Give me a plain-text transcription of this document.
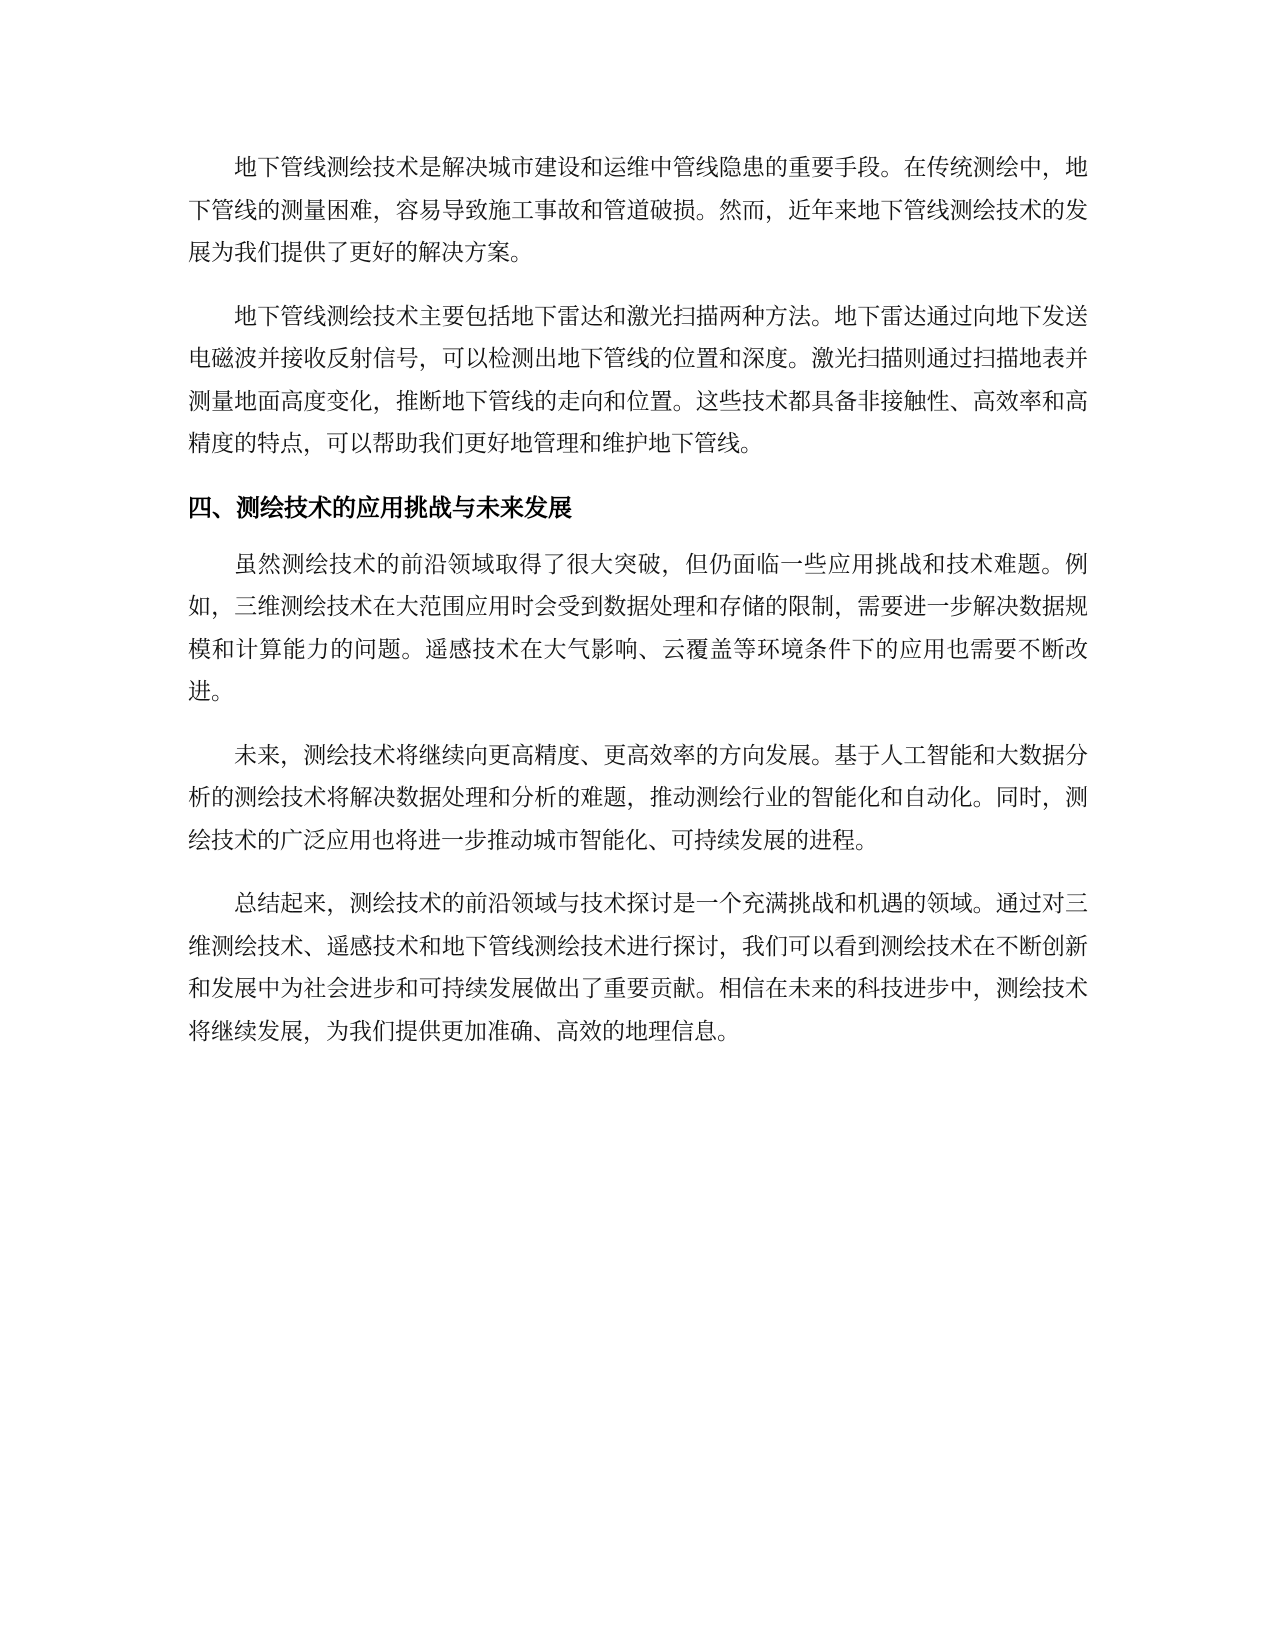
地下管线测绘技术是解决城市建设和运维中管线隐患的重要手段。在传统测绘中，地下管线的测量困难，容易导致施工事故和管道破损。然而，近年来地下管线测绘技术的发展为我们提供了更好的解决方案。

地下管线测绘技术主要包括地下雷达和激光扫描两种方法。地下雷达通过向地下发送电磁波并接收反射信号，可以检测出地下管线的位置和深度。激光扫描则通过扫描地表并测量地面高度变化，推断地下管线的走向和位置。这些技术都具备非接触性、高效率和高精度的特点，可以帮助我们更好地管理和维护地下管线。

四、测绘技术的应用挑战与未来发展

虽然测绘技术的前沿领域取得了很大突破，但仍面临一些应用挑战和技术难题。例如，三维测绘技术在大范围应用时会受到数据处理和存储的限制，需要进一步解决数据规模和计算能力的问题。遥感技术在大气影响、云覆盖等环境条件下的应用也需要不断改进。

未来，测绘技术将继续向更高精度、更高效率的方向发展。基于人工智能和大数据分析的测绘技术将解决数据处理和分析的难题，推动测绘行业的智能化和自动化。同时，测绘技术的广泛应用也将进一步推动城市智能化、可持续发展的进程。

总结起来，测绘技术的前沿领域与技术探讨是一个充满挑战和机遇的领域。通过对三维测绘技术、遥感技术和地下管线测绘技术进行探讨，我们可以看到测绘技术在不断创新和发展中为社会进步和可持续发展做出了重要贡献。相信在未来的科技进步中，测绘技术将继续发展，为我们提供更加准确、高效的地理信息。
